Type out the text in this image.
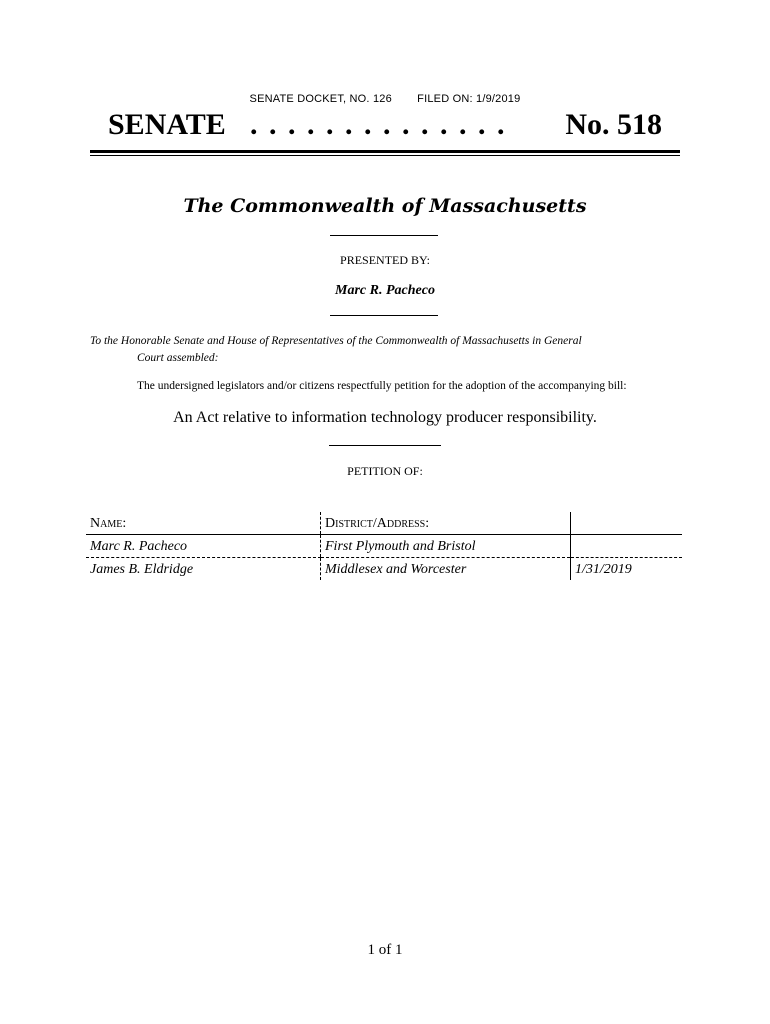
SENATE DOCKET, NO. 126 FILED ON: 1/9/2019
SENATE . . . . . . . . . . . . . . No. 518
The Commonwealth of Massachusetts
PRESENTED BY:
Marc R. Pacheco
To the Honorable Senate and House of Representatives of the Commonwealth of Massachusetts in General
Court assembled:
The undersigned legislators and/or citizens respectfully petition for the adoption of the accompanying bill:
An Act relative to information technology producer responsibility.
PETITION OF:
Name:	District/Address:	
Marc R. Pacheco	First Plymouth and Bristol	
James B. Eldridge	Middlesex and Worcester	1/31/2019
1 of 1
